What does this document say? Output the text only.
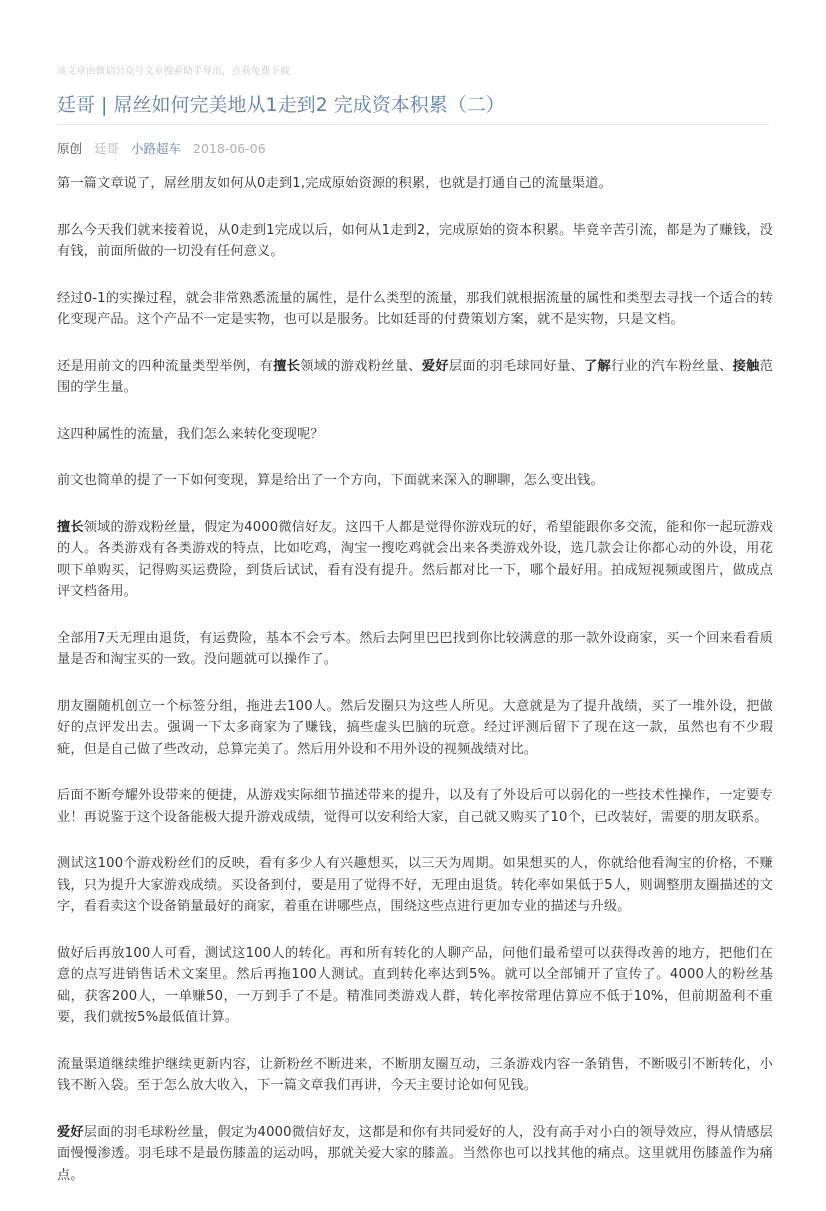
该文章由微信公众号文章搜索助手导出，点我免费下载
廷哥 | 屌丝如何完美地从1走到2 完成资本积累（二）
原创 廷哥 小路超车 2018-06-06

第一篇文章说了，屌丝朋友如何从0走到1,完成原始资源的积累，也就是打通自己的流量渠道。

那么今天我们就来接着说，从0走到1完成以后，如何从1走到2，完成原始的资本积累。毕竟辛苦引流，都是为了赚钱，没有钱，前面所做的一切没有任何意义。

经过0-1的实操过程，就会非常熟悉流量的属性，是什么类型的流量，那我们就根据流量的属性和类型去寻找一个适合的转化变现产品。这个产品不一定是实物，也可以是服务。比如廷哥的付费策划方案，就不是实物，只是文档。

还是用前文的四种流量类型举例，有擅长领域的游戏粉丝量、爱好层面的羽毛球同好量、了解行业的汽车粉丝量、接触范围的学生量。

这四种属性的流量，我们怎么来转化变现呢？

前文也简单的提了一下如何变现，算是给出了一个方向，下面就来深入的聊聊，怎么变出钱。

擅长领域的游戏粉丝量，假定为4000微信好友。这四千人都是觉得你游戏玩的好，希望能跟你多交流，能和你一起玩游戏的人。各类游戏有各类游戏的特点，比如吃鸡，淘宝一搜吃鸡就会出来各类游戏外设，选几款会让你都心动的外设，用花呗下单购买，记得购买运费险，到货后试试，看有没有提升。然后都对比一下，哪个最好用。拍成短视频或图片，做成点评文档备用。

全部用7天无理由退货，有运费险，基本不会亏本。然后去阿里巴巴找到你比较满意的那一款外设商家，买一个回来看看质量是否和淘宝买的一致。没问题就可以操作了。

朋友圈随机创立一个标签分组，拖进去100人。然后发圈只为这些人所见。大意就是为了提升战绩，买了一堆外设，把做好的点评发出去。强调一下太多商家为了赚钱，搞些虚头巴脑的玩意。经过评测后留下了现在这一款，虽然也有不少瑕疵，但是自己做了些改动，总算完美了。然后用外设和不用外设的视频战绩对比。

后面不断夸耀外设带来的便捷，从游戏实际细节描述带来的提升，以及有了外设后可以弱化的一些技术性操作，一定要专业！再说鉴于这个设备能极大提升游戏成绩，觉得可以安利给大家，自己就又购买了10个，已改装好，需要的朋友联系。

测试这100个游戏粉丝们的反映，看有多少人有兴趣想买，以三天为周期。如果想买的人，你就给他看淘宝的价格，不赚钱，只为提升大家游戏成绩。买设备到付，要是用了觉得不好，无理由退货。转化率如果低于5人，则调整朋友圈描述的文字，看看卖这个设备销量最好的商家，着重在讲哪些点，围绕这些点进行更加专业的描述与升级。

做好后再放100人可看，测试这100人的转化。再和所有转化的人聊产品，问他们最希望可以获得改善的地方，把他们在意的点写进销售话术文案里。然后再拖100人测试。直到转化率达到5%。就可以全部铺开了宣传了。4000人的粉丝基础，获客200人，一单赚50，一万到手了不是。精准同类游戏人群，转化率按常理估算应不低于10%，但前期盈利不重要，我们就按5%最低值计算。

流量渠道继续维护继续更新内容，让新粉丝不断进来，不断朋友圈互动，三条游戏内容一条销售，不断吸引不断转化，小钱不断入袋。至于怎么放大收入，下一篇文章我们再讲，今天主要讨论如何见钱。

爱好层面的羽毛球粉丝量，假定为4000微信好友，这都是和你有共同爱好的人，没有高手对小白的领导效应，得从情感层面慢慢渗透。羽毛球不是最伤膝盖的运动吗，那就关爱大家的膝盖。当然你也可以找其他的痛点。这里就用伤膝盖作为痛点。
